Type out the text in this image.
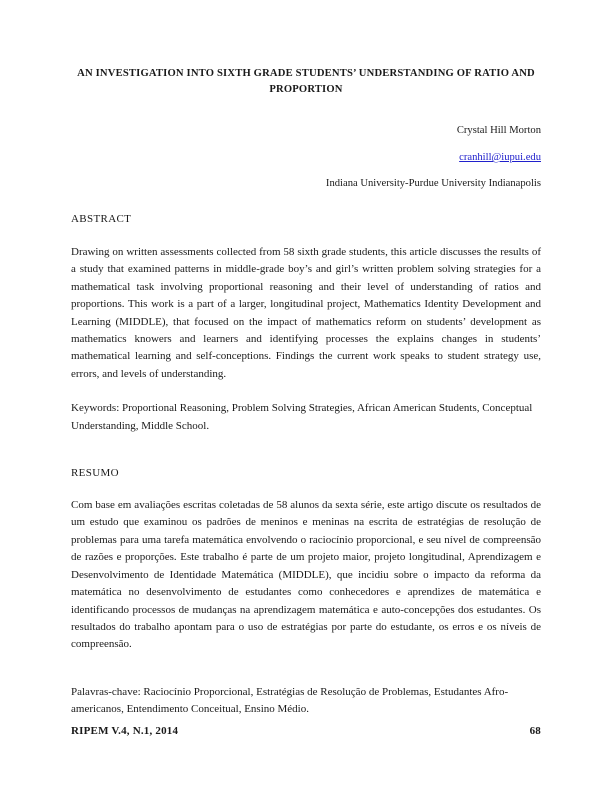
AN INVESTIGATION INTO SIXTH GRADE STUDENTS’ UNDERSTANDING OF RATIO AND PROPORTION
Crystal Hill Morton
cranhill@iupui.edu
Indiana University-Purdue University Indianapolis
ABSTRACT

Drawing on written assessments collected from 58 sixth grade students, this article discusses the results of a study that examined patterns in middle-grade boy’s and girl’s written problem solving strategies for a mathematical task involving proportional reasoning and their level of understanding of ratios and proportions. This work is a part of a larger, longitudinal project, Mathematics Identity Development and Learning (MIDDLE), that focused on the impact of mathematics reform on students’ development as mathematics knowers and learners and identifying processes the explains changes in students’ mathematical learning and self-conceptions. Findings the current work speaks to student strategy use, errors, and levels of understanding.

Keywords: Proportional Reasoning, Problem Solving Strategies, African American Students, Conceptual Understanding, Middle School.

RESUMO

Com base em avaliações escritas coletadas de 58 alunos da sexta série, este artigo discute os resultados de um estudo que examinou os padrões de meninos e meninas na escrita de estratégias de resolução de problemas para uma tarefa matemática envolvendo o raciocínio proporcional, e seu nível de compreensão de razões e proporções. Este trabalho é parte de um projeto maior, projeto longitudinal, Aprendizagem e Desenvolvimento de Identidade Matemática (MIDDLE), que incidiu sobre o impacto da reforma da matemática no desenvolvimento de estudantes como conhecedores e aprendizes de matemática e identificando processos de mudanças na aprendizagem matemática e auto-concepções dos estudantes. Os resultados do trabalho apontam para o uso de estratégias por parte do estudante, os erros e os níveis de compreensão.

Palavras-chave: Raciocínio Proporcional, Estratégias de Resolução de Problemas, Estudantes Afro-americanos, Entendimento Conceitual, Ensino Médio.

RIPEM V.4, N.1, 2014	68
